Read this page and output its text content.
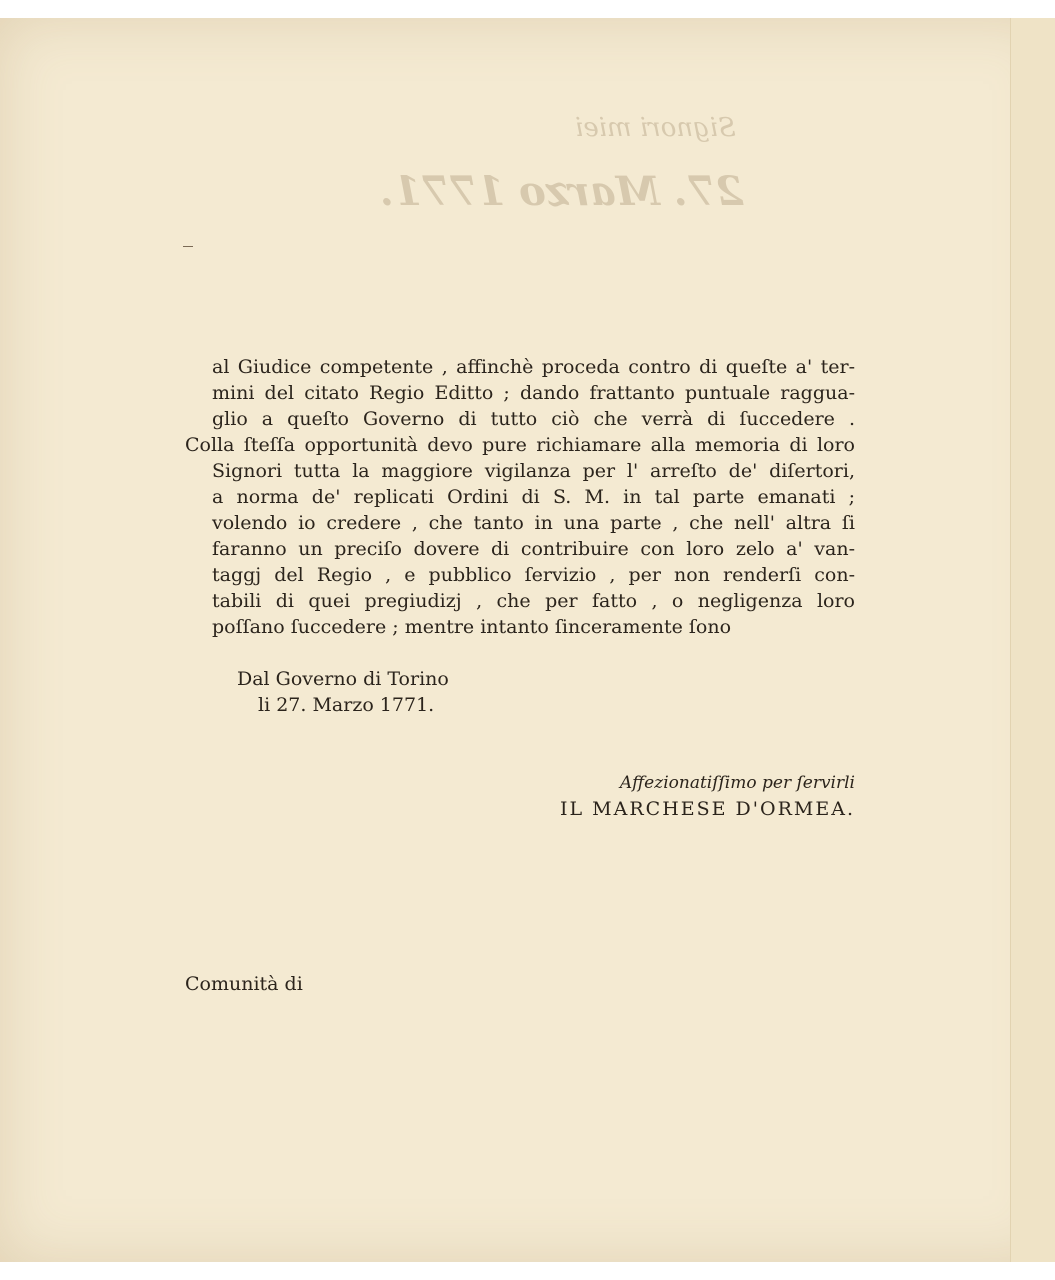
Signori miei
27. Marzo 1771.
al Giudice competente , affinchè proceda contro di queſte a' ter-
mini del citato Regio Editto ; dando frattanto puntuale raggua-
glio a queſto Governo di tutto ciò che verrà di ſuccedere .
Colla ſteſſa opportunità devo pure richiamare alla memoria di loro
Signori tutta la maggiore vigilanza per l' arreſto de' diſertori,
a norma de' replicati Ordini di S. M. in tal parte emanati ;
volendo io credere , che tanto in una parte , che nell' altra ſi
faranno un preciſo dovere di contribuire con loro zelo a' van-
taggj del Regio , e pubblico ſervizio , per non renderſi con-
tabili di quei pregiudizj , che per fatto , o negligenza loro
poſſano ſuccedere ; mentre intanto ſinceramente ſono
Dal Governo di Torino
li 27. Marzo 1771.
Affezionatiſſimo per ſervirli
IL MARCHESE D'ORMEA.
Comunità di
